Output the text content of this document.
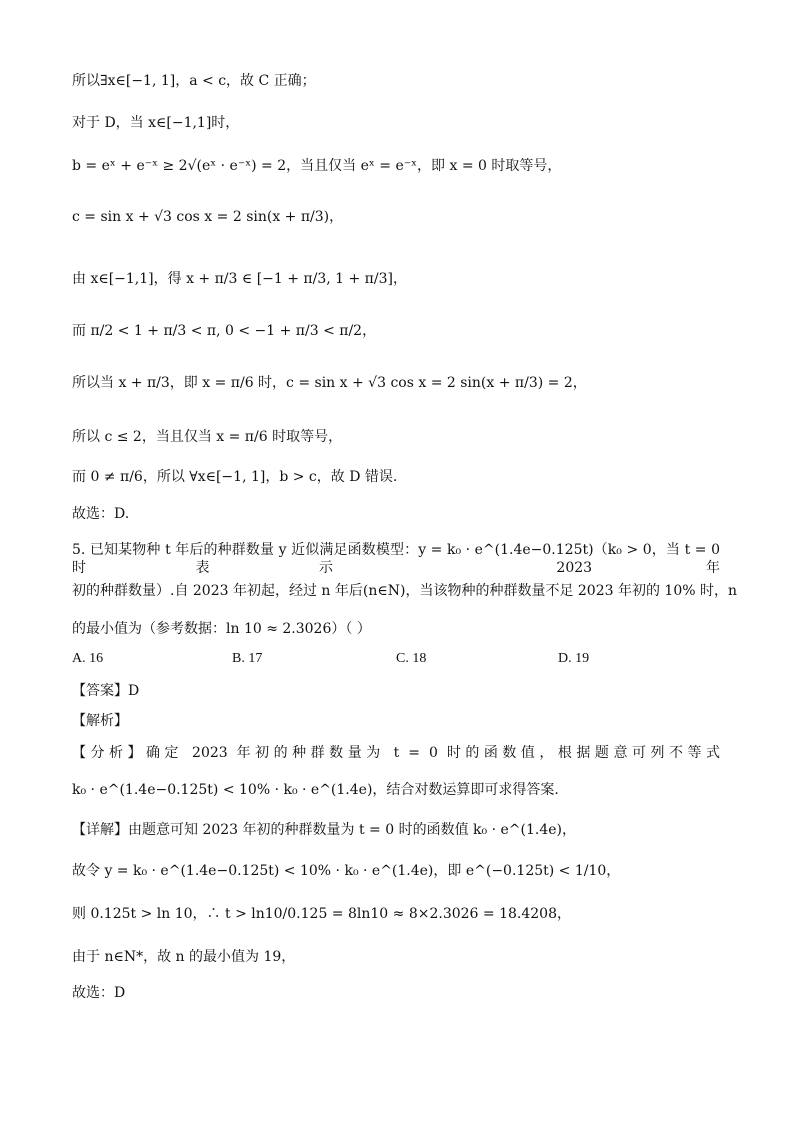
所以∃x∈[−1, 1]，a < c，故 C 正确；
对于 D，当 x∈[−1,1]时，
b = eˣ + e⁻ˣ ≥ 2√(eˣ · e⁻ˣ) = 2，当且仅当 eˣ = e⁻ˣ，即 x = 0 时取等号，
c = sin x + √3 cos x = 2 sin(x + π/3)，
由 x∈[−1,1]，得 x + π/3 ∈ [−1 + π/3, 1 + π/3]，
而 π/2 < 1 + π/3 < π, 0 < −1 + π/3 < π/2，
所以当 x + π/3，即 x = π/6 时，c = sin x + √3 cos x = 2 sin(x + π/3) = 2，
所以 c ≤ 2，当且仅当 x = π/6 时取等号，
而 0 ≠ π/6，所以 ∀x∈[−1, 1]，b > c，故 D 错误.
故选：D.
5. 已知某物种 t 年后的种群数量 y 近似满足函数模型：y = k₀ · e^(1.4e−0.125t)（k₀ > 0，当 t = 0 时表示 2023 年
初的种群数量）.自 2023 年初起，经过 n 年后(n∈N)，当该物种的种群数量不足 2023 年初的 10% 时，n
的最小值为（参考数据：ln 10 ≈ 2.3026）（ ）
A. 16	B. 17	C. 18	D. 19
【答案】D
【解析】
【分析】确定 2023 年初的种群数量为 t = 0 时的函数值，根据题意可列不等式
k₀ · e^(1.4e−0.125t) < 10% · k₀ · e^(1.4e)，结合对数运算即可求得答案.
【详解】由题意可知 2023 年初的种群数量为 t = 0 时的函数值 k₀ · e^(1.4e)，
故令 y = k₀ · e^(1.4e−0.125t) < 10% · k₀ · e^(1.4e)，即 e^(−0.125t) < 1/10，
则 0.125t > ln 10，∴ t > ln10/0.125 = 8ln10 ≈ 8×2.3026 = 18.4208，
由于 n∈N*，故 n 的最小值为 19，
故选：D
